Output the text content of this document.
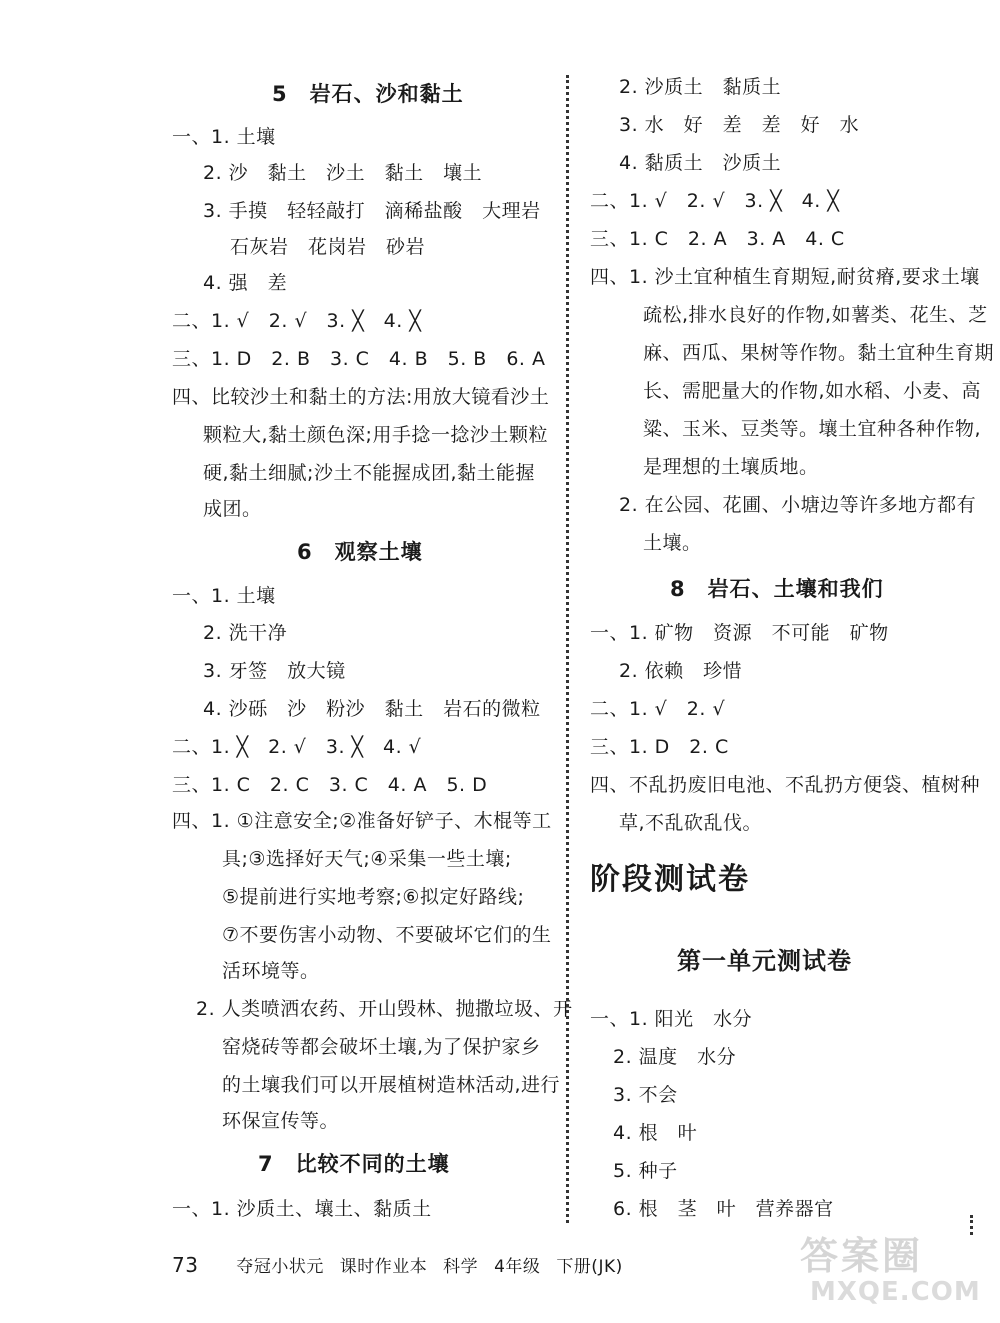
5　岩石、沙和黏土
一、1. 土壤
2. 沙　黏土　沙土　黏土　壤土
3. 手摸　轻轻敲打　滴稀盐酸　大理岩
石灰岩　花岗岩　砂岩
4. 强　差
二、1. √　2. √　3. ╳　4. ╳
三、1. D　2. B　3. C　4. B　5. B　6. A
四、比较沙土和黏土的方法:用放大镜看沙土
颗粒大,黏土颜色深;用手捻一捻沙土颗粒
硬,黏土细腻;沙土不能握成团,黏土能握
成团。
6　观察土壤
一、1. 土壤
2. 洗干净
3. 牙签　放大镜
4. 沙砾　沙　粉沙　黏土　岩石的微粒
二、1. ╳　2. √　3. ╳　4. √
三、1. C　2. C　3. C　4. A　5. D
四、1. ①注意安全;②准备好铲子、木棍等工
具;③选择好天气;④采集一些土壤;
⑤提前进行实地考察;⑥拟定好路线;
⑦不要伤害小动物、不要破坏它们的生
活环境等。
2. 人类喷洒农药、开山毁林、抛撒垃圾、开
窑烧砖等都会破坏土壤,为了保护家乡
的土壤我们可以开展植树造林活动,进行
环保宣传等。
7　比较不同的土壤
一、1. 沙质土、壤土、黏质土
2. 沙质土　黏质土
3. 水　好　差　差　好　水
4. 黏质土　沙质土
二、1. √　2. √　3. ╳　4. ╳
三、1. C　2. A　3. A　4. C
四、1. 沙土宜种植生育期短,耐贫瘠,要求土壤
疏松,排水良好的作物,如薯类、花生、芝
麻、西瓜、果树等作物。黏土宜种生育期
长、需肥量大的作物,如水稻、小麦、高
粱、玉米、豆类等。壤土宜种各种作物,
是理想的土壤质地。
2. 在公园、花圃、小塘边等许多地方都有
土壤。
8　岩石、土壤和我们
一、1. 矿物　资源　不可能　矿物
2. 依赖　珍惜
二、1. √　2. √
三、1. D　2. C
四、不乱扔废旧电池、不乱扔方便袋、植树种
草,不乱砍乱伐。
阶段测试卷
第一单元测试卷
一、1. 阳光　水分
2. 温度　水分
3. 不会
4. 根　叶
5. 种子
6. 根　茎　叶　营养器官
73 夺冠小状元 课时作业本 科学 4年级 下册(JK)	答案圈
MXQE.COM
